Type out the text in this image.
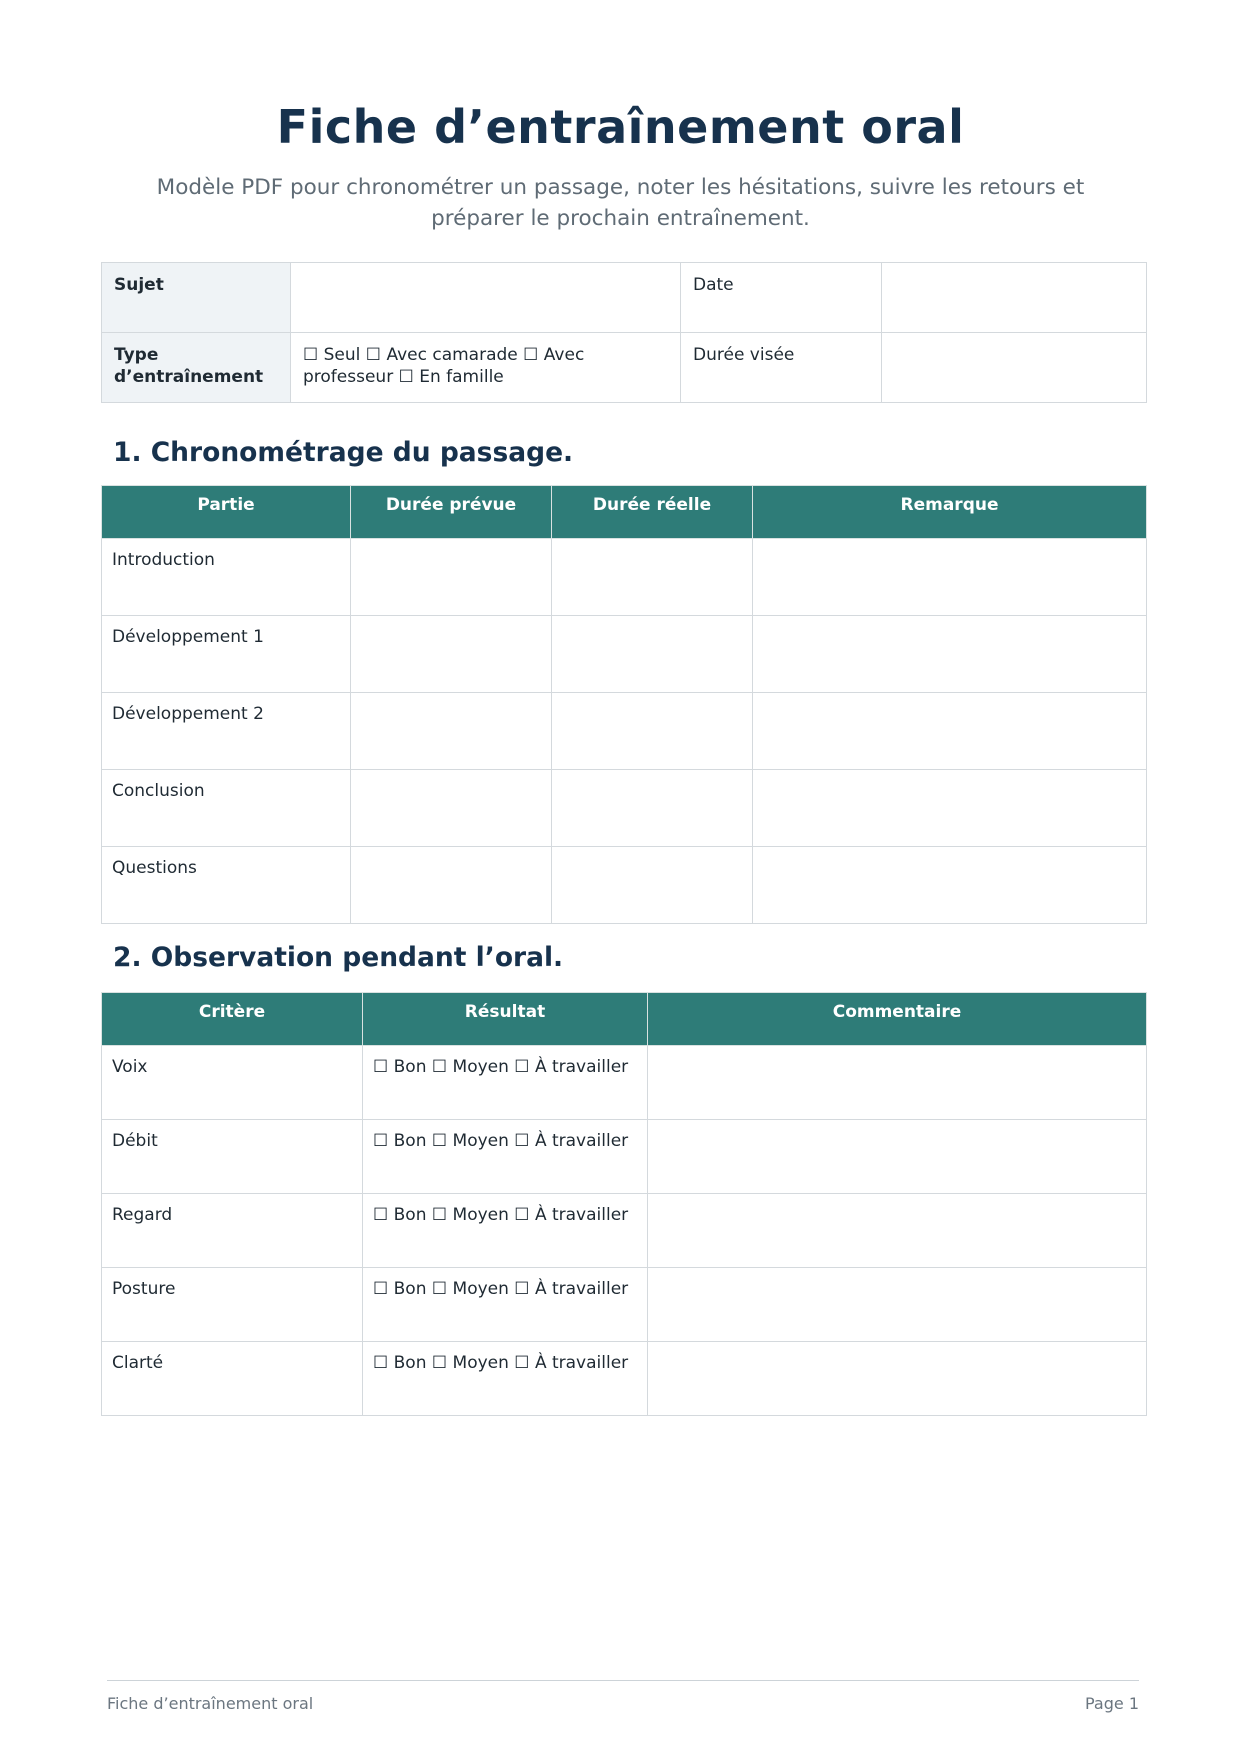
Fiche d’entraînement oral
Modèle PDF pour chronométrer un passage, noter les hésitations, suivre les retours et préparer le prochain entraînement.
Sujet		Date	
Type d’entraînement	☐ Seul ☐ Avec camarade ☐ Avec professeur ☐ En famille	Durée visée	
1. Chronométrage du passage.
Partie	Durée prévue	Durée réelle	Remarque
Introduction			
Développement 1			
Développement 2			
Conclusion			
Questions			
2. Observation pendant l’oral.
Critère	Résultat	Commentaire
Voix	☐ Bon ☐ Moyen ☐ À travailler	
Débit	☐ Bon ☐ Moyen ☐ À travailler	
Regard	☐ Bon ☐ Moyen ☐ À travailler	
Posture	☐ Bon ☐ Moyen ☐ À travailler	
Clarté	☐ Bon ☐ Moyen ☐ À travailler	
Fiche d’entraînement oral	Page 1
